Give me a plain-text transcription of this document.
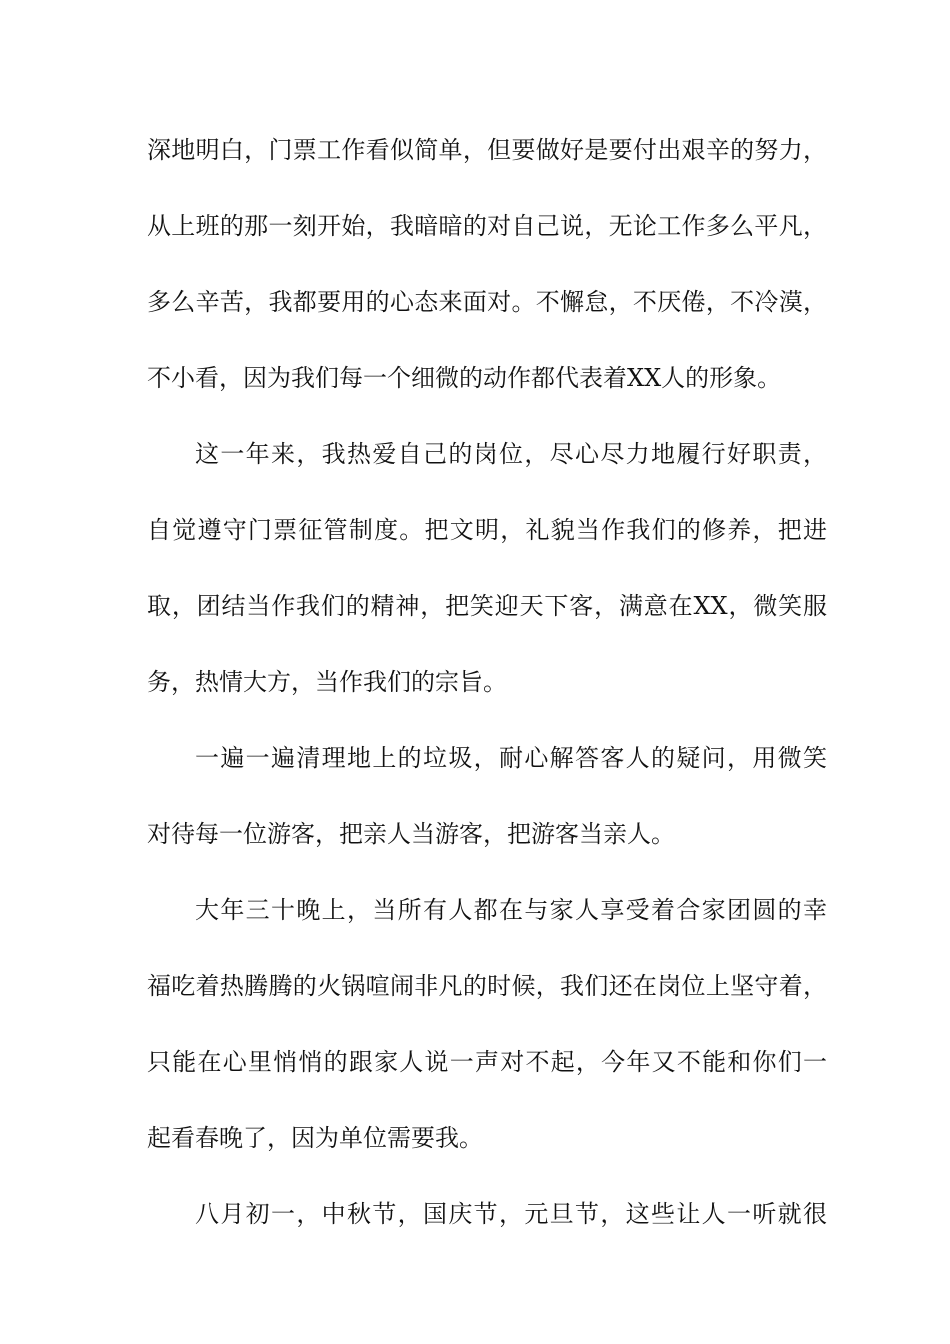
深地明白，门票工作看似简单，但要做好是要付出艰辛的努力，
从上班的那一刻开始，我暗暗的对自己说，无论工作多么平凡，
多么辛苦，我都要用的心态来面对。不懈怠，不厌倦，不冷漠，
不小看，因为我们每一个细微的动作都代表着XX人的形象。
这一年来，我热爱自己的岗位，尽心尽力地履行好职责，
自觉遵守门票征管制度。把文明，礼貌当作我们的修养，把进
取，团结当作我们的精神，把笑迎天下客，满意在XX，微笑服
务，热情大方，当作我们的宗旨。
一遍一遍清理地上的垃圾，耐心解答客人的疑问，用微笑
对待每一位游客，把亲人当游客，把游客当亲人。
大年三十晚上，当所有人都在与家人享受着合家团圆的幸
福吃着热腾腾的火锅喧闹非凡的时候，我们还在岗位上坚守着，
只能在心里悄悄的跟家人说一声对不起，今年又不能和你们一
起看春晚了，因为单位需要我。
八月初一，中秋节，国庆节，元旦节，这些让人一听就很
